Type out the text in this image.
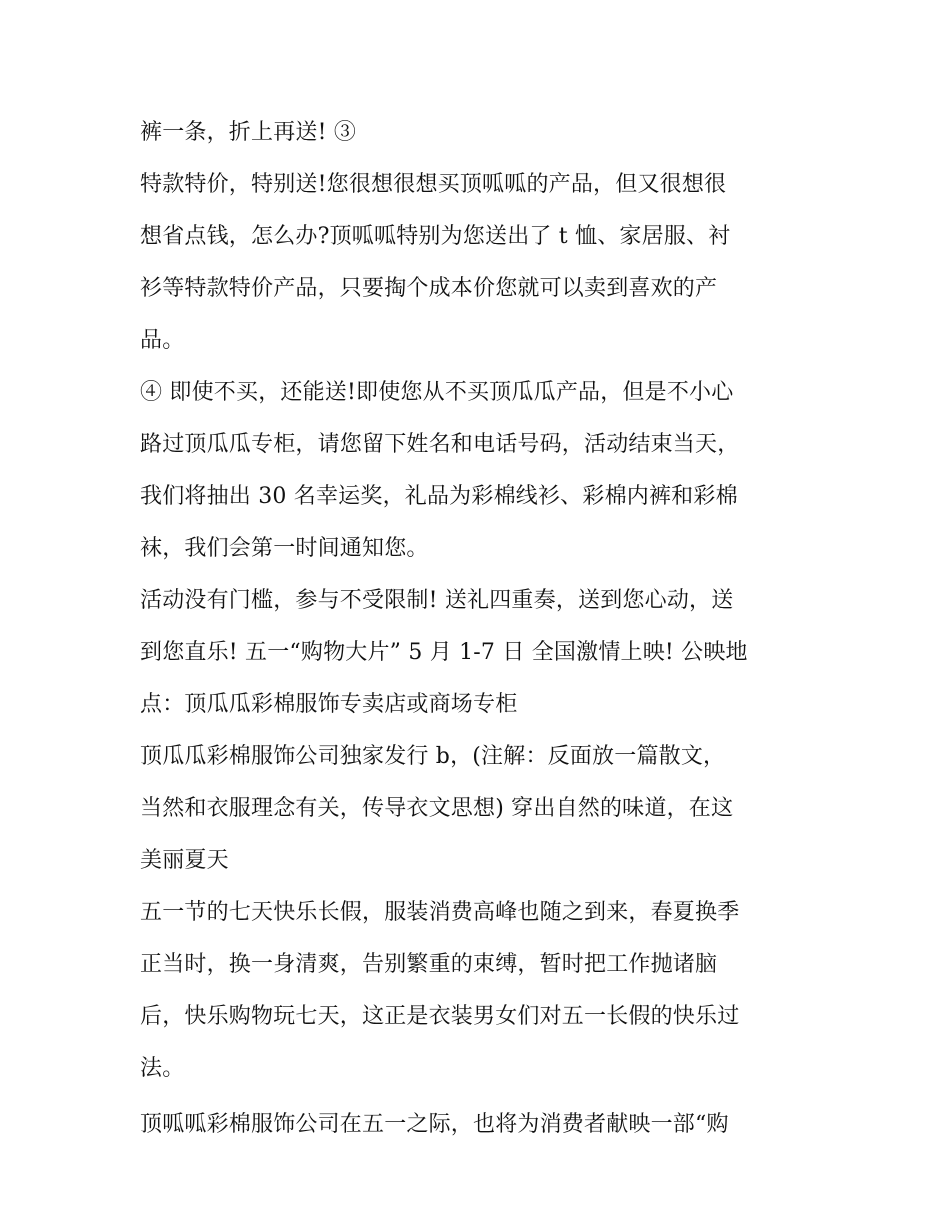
裤一条，折上再送! ③
特款特价，特别送!您很想很想买顶呱呱的产品，但又很想很
想省点钱，怎么办?顶呱呱特别为您送出了 t 恤、家居服、衬
衫等特款特价产品，只要掏个成本价您就可以卖到喜欢的产
品。
④ 即使不买，还能送!即使您从不买顶瓜瓜产品，但是不小心
路过顶瓜瓜专柜，请您留下姓名和电话号码，活动结束当天，
我们将抽出 30 名幸运奖，礼品为彩棉线衫、彩棉内裤和彩棉
袜，我们会第一时间通知您。
活动没有门槛，参与不受限制! 送礼四重奏，送到您心动，送
到您直乐! 五一“购物大片” 5 月 1-7 日 全国激情上映! 公映地
点：顶瓜瓜彩棉服饰专卖店或商场专柜
顶瓜瓜彩棉服饰公司独家发行 b，(注解：反面放一篇散文，
当然和衣服理念有关，传导衣文思想) 穿出自然的味道，在这
美丽夏天
五一节的七天快乐长假，服装消费高峰也随之到来，春夏换季
正当时，换一身清爽，告别繁重的束缚，暂时把工作抛诸脑
后，快乐购物玩七天，这正是衣装男女们对五一长假的快乐过
法。
顶呱呱彩棉服饰公司在五一之际，也将为消费者献映一部“购
